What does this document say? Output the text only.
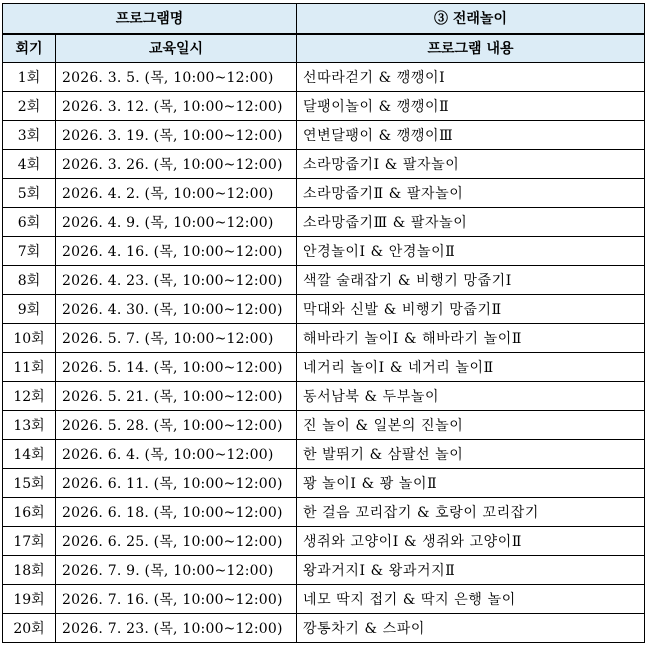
프로그램명		③ 전래놀이
회기	교육일시	프로그램 내용
1회	2026. 3. 5. (목, 10:00~12:00)	선따라걷기 & 깽깽이Ⅰ
2회	2026. 3. 12. (목, 10:00~12:00)	달팽이놀이 & 깽깽이Ⅱ
3회	2026. 3. 19. (목, 10:00~12:00)	연변달팽이 & 깽깽이Ⅲ
4회	2026. 3. 26. (목, 10:00~12:00)	소라망줍기Ⅰ & 팔자놀이
5회	2026. 4. 2. (목, 10:00~12:00)	소라망줍기Ⅱ & 팔자놀이
6회	2026. 4. 9. (목, 10:00~12:00)	소라망줍기Ⅲ & 팔자놀이
7회	2026. 4. 16. (목, 10:00~12:00)	안경놀이Ⅰ & 안경놀이Ⅱ
8회	2026. 4. 23. (목, 10:00~12:00)	색깔 술래잡기 & 비행기 망줍기Ⅰ
9회	2026. 4. 30. (목, 10:00~12:00)	막대와 신발 & 비행기 망줍기Ⅱ
10회	2026. 5. 7. (목, 10:00~12:00)	해바라기 놀이Ⅰ & 해바라기 놀이Ⅱ
11회	2026. 5. 14. (목, 10:00~12:00)	네거리 놀이Ⅰ & 네거리 놀이Ⅱ
12회	2026. 5. 21. (목, 10:00~12:00)	동서남북 & 두부놀이
13회	2026. 5. 28. (목, 10:00~12:00)	진 놀이 & 일본의 진놀이
14회	2026. 6. 4. (목, 10:00~12:00)	한 발뛰기 & 삼팔선 놀이
15회	2026. 6. 11. (목, 10:00~12:00)	꽝 놀이Ⅰ & 꽝 놀이Ⅱ
16회	2026. 6. 18. (목, 10:00~12:00)	한 걸음 꼬리잡기 & 호랑이 꼬리잡기
17회	2026. 6. 25. (목, 10:00~12:00)	생쥐와 고양이Ⅰ & 생쥐와 고양이Ⅱ
18회	2026. 7. 9. (목, 10:00~12:00)	왕과거지Ⅰ & 왕과거지Ⅱ
19회	2026. 7. 16. (목, 10:00~12:00)	네모 딱지 접기 & 딱지 은행 놀이
20회	2026. 7. 23. (목, 10:00~12:00)	깡통차기 & 스파이
